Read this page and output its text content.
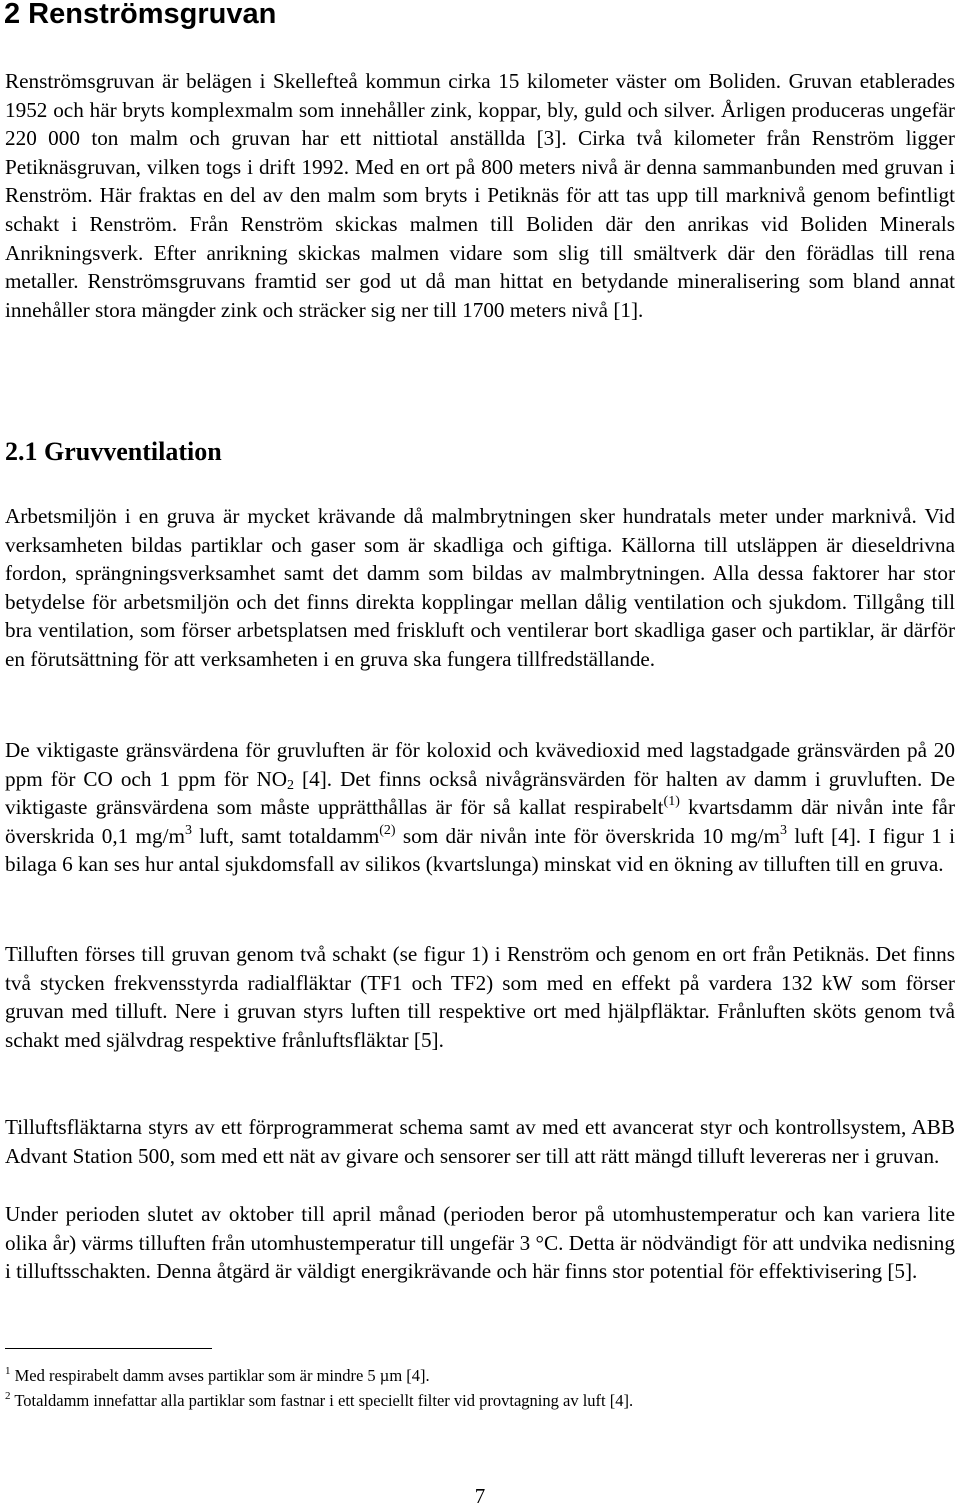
2 Renströmsgruvan

Renströmsgruvan är belägen i Skellefteå kommun cirka 15 kilometer väster om Boliden. Gruvan etablerades 1952 och här bryts komplexmalm som innehåller zink, koppar, bly, guld och silver. Årligen produceras ungefär 220 000 ton malm och gruvan har ett nittiotal anställda [3]. Cirka två kilometer från Renström ligger Petiknäsgruvan, vilken togs i drift 1992. Med en ort på 800 meters nivå är denna sammanbunden med gruvan i Renström. Här fraktas en del av den malm som bryts i Petiknäs för att tas upp till marknivå genom befintligt schakt i Renström. Från Renström skickas malmen till Boliden där den anrikas vid Boliden Minerals Anrikningsverk. Efter anrikning skickas malmen vidare som slig till smältverk där den förädlas till rena metaller. Renströmsgruvans framtid ser god ut då man hittat en betydande mineralisering som bland annat innehåller stora mängder zink och sträcker sig ner till 1700 meters nivå [1].

2.1 Gruvventilation

Arbetsmiljön i en gruva är mycket krävande då malmbrytningen sker hundratals meter under marknivå. Vid verksamheten bildas partiklar och gaser som är skadliga och giftiga. Källorna till utsläppen är dieseldrivna fordon, sprängningsverksamhet samt det damm som bildas av malmbrytningen. Alla dessa faktorer har stor betydelse för arbetsmiljön och det finns direkta kopplingar mellan dålig ventilation och sjukdom. Tillgång till bra ventilation, som förser arbetsplatsen med friskluft och ventilerar bort skadliga gaser och partiklar, är därför en förutsättning för att verksamheten i en gruva ska fungera tillfredställande.

De viktigaste gränsvärdena för gruvluften är för koloxid och kvävedioxid med lagstadgade gränsvärden på 20 ppm för CO och 1 ppm för $NO_2$ [4]. Det finns också nivågränsvärden för halten av damm i gruvluften. De viktigaste gränsvärdena som måste upprätthållas är för så kallat respirabelt$^{(1)}$ kvartsdamm där nivån inte får överskrida 0,1 $mg/m^3$ luft, samt totaldamm$^{(2)}$ som där nivån inte för överskrida 10 $mg/m^3$ luft [4]. I figur 1 i bilaga 6 kan ses hur antal sjukdomsfall av silikos (kvartslunga) minskat vid en ökning av tilluften till en gruva.

Tilluften förses till gruvan genom två schakt (se figur 1) i Renström och genom en ort från Petiknäs. Det finns två stycken frekvensstyrda radialfläktar (TF1 och TF2) som med en effekt på vardera 132 kW som förser gruvan med tilluft. Nere i gruvan styrs luften till respektive ort med hjälpfläktar. Frånluften sköts genom två schakt med självdrag respektive frånluftsfläktar [5].

Tilluftsfläktarna styrs av ett förprogrammerat schema samt av med ett avancerat styr och kontrollsystem, ABB Advant Station 500, som med ett nät av givare och sensorer ser till att rätt mängd tilluft levereras ner i gruvan.

Under perioden slutet av oktober till april månad (perioden beror på utomhustemperatur och kan variera lite olika år) värms tilluften från utomhustemperatur till ungefär 3 °C. Detta är nödvändigt för att undvika nedisning i tilluftsschakten. Denna åtgärd är väldigt energikrävande och här finns stor potential för effektivisering [5].

$^1$ Med respirabelt damm avses partiklar som är mindre 5 µm [4].

$^2$ Totaldamm innefattar alla partiklar som fastnar i ett speciellt filter vid provtagning av luft [4].

7
